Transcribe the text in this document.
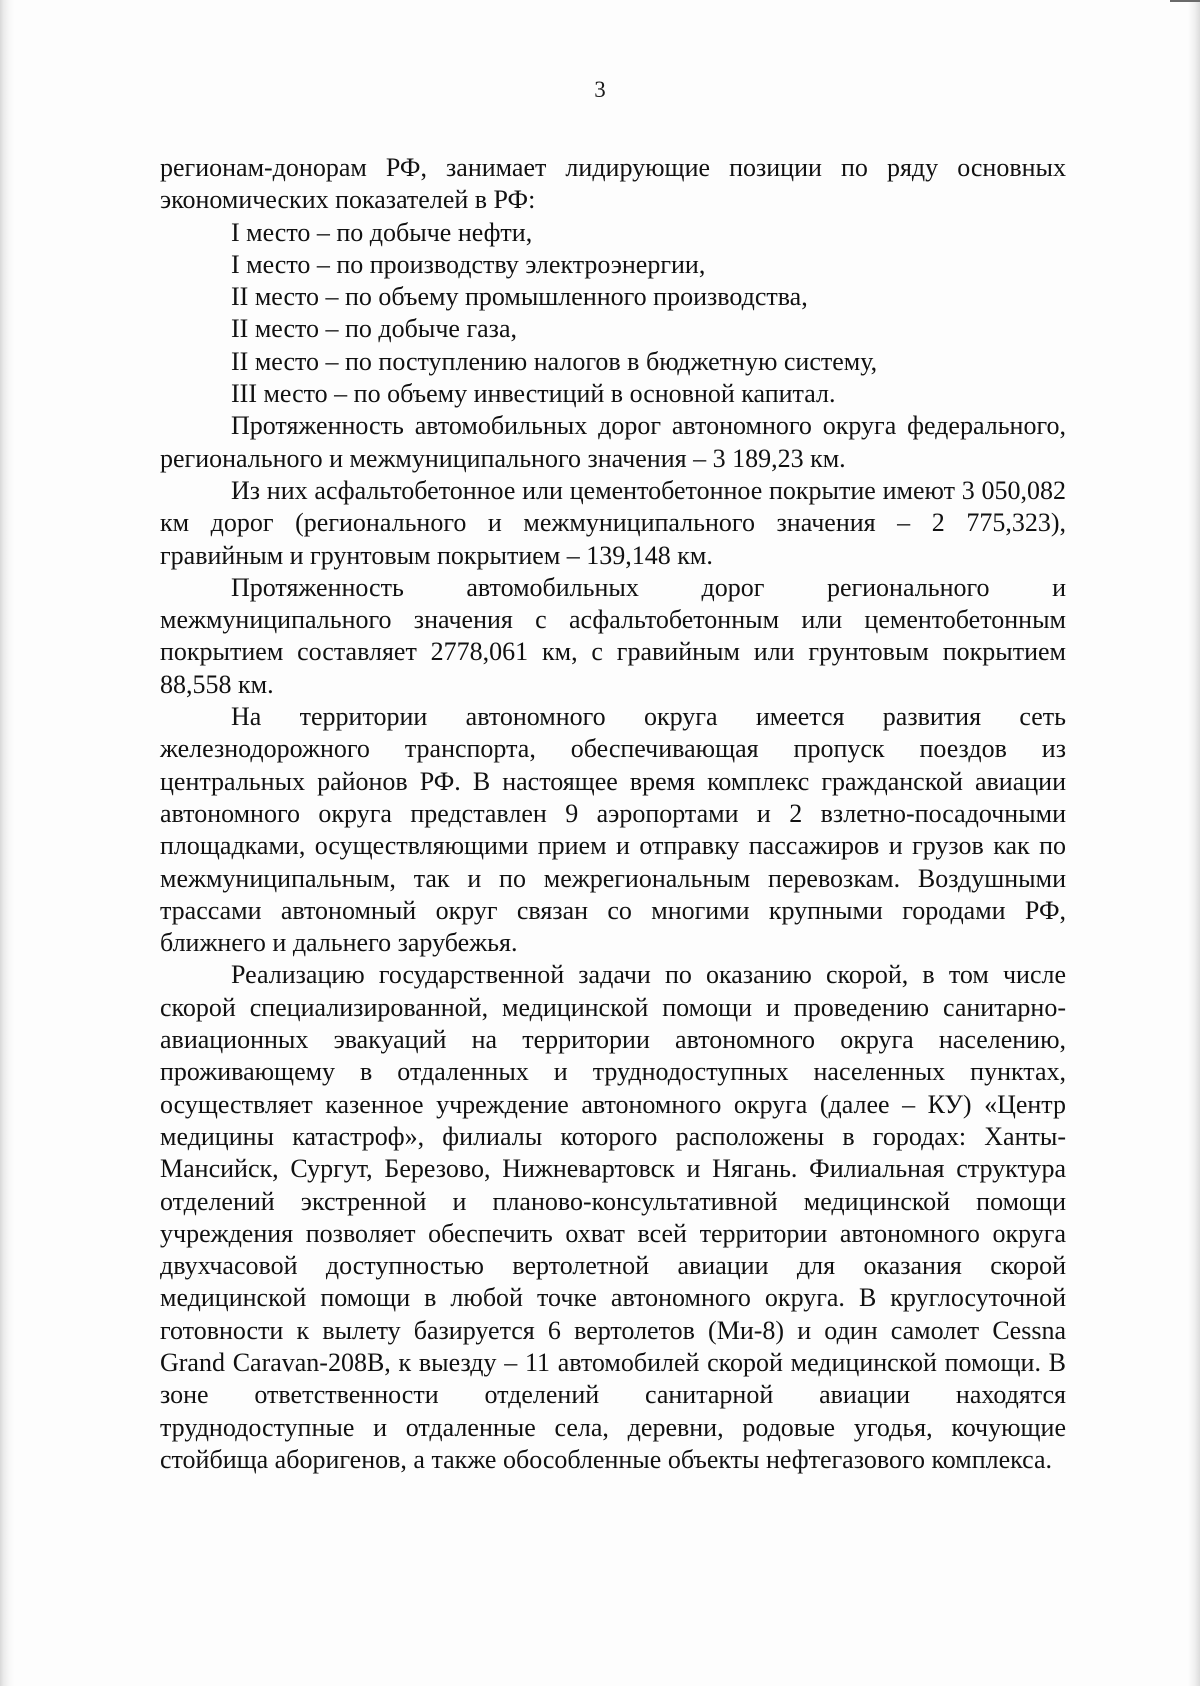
3

регионам-донорам РФ, занимает лидирующие позиции по ряду основных экономических показателей в РФ:

I место – по добыче нефти,

I место – по производству электроэнергии,

II место – по объему промышленного производства,

II место – по добыче газа,

II место – по поступлению налогов в бюджетную систему,

III место – по объему инвестиций в основной капитал.

Протяженность автомобильных дорог автономного округа федерального, регионального и межмуниципального значения – 3 189,23 км.

Из них асфальтобетонное или цементобетонное покрытие имеют 3 050,082 км дорог (регионального и межмуниципального значения – 2 775,323), гравийным и грунтовым покрытием – 139,148 км.

Протяженность автомобильных дорог регионального и межмуниципального значения с асфальтобетонным или цементобетонным покрытием составляет 2778,061 км, с гравийным или грунтовым покрытием 88,558 км.

На территории автономного округа имеется развития сеть железнодорожного транспорта, обеспечивающая пропуск поездов из центральных районов РФ. В настоящее время комплекс гражданской авиации автономного округа представлен 9 аэропортами и 2 взлетно-посадочными площадками, осуществляющими прием и отправку пассажиров и грузов как по межмуниципальным, так и по межрегиональным перевозкам. Воздушными трассами автономный округ связан со многими крупными городами РФ, ближнего и дальнего зарубежья.

Реализацию государственной задачи по оказанию скорой, в том числе скорой специализированной, медицинской помощи и проведению санитарно-авиационных эвакуаций на территории автономного округа населению, проживающему в отдаленных и труднодоступных населенных пунктах, осуществляет казенное учреждение автономного округа (далее – КУ) «Центр медицины катастроф», филиалы которого расположены в городах: Ханты-Мансийск, Сургут, Березово, Нижневартовск и Нягань. Филиальная структура отделений экстренной и планово-консультативной медицинской помощи учреждения позволяет обеспечить охват всей территории автономного округа двухчасовой доступностью вертолетной авиации для оказания скорой медицинской помощи в любой точке автономного округа. В круглосуточной готовности к вылету базируется 6 вертолетов (Ми-8) и один самолет Cessna Grand Caravan-208B, к выезду – 11 автомобилей скорой медицинской помощи. В зоне ответственности отделений санитарной авиации находятся труднодоступные и отдаленные села, деревни, родовые угодья, кочующие стойбища аборигенов, а также обособленные объекты нефтегазового комплекса.
